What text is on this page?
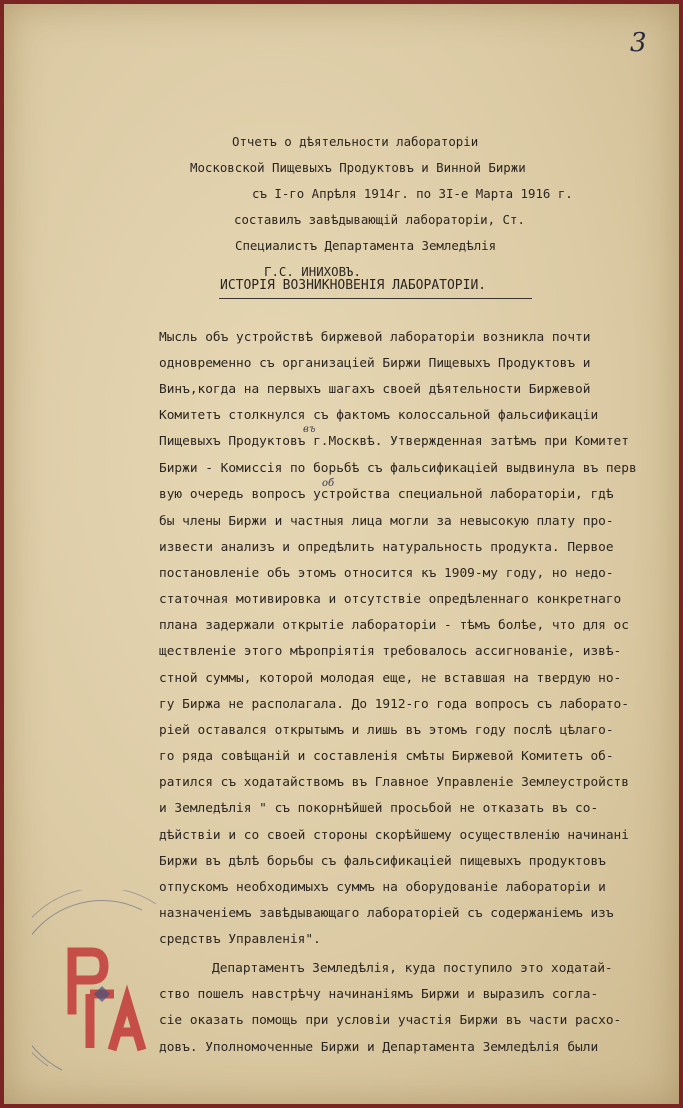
3
Отчетъ о дѣятельности лабораторіи
Московской Пищевыхъ Продуктовъ и Винной Биржи
съ I-го Апрѣля 1914г. по 3I-е Марта 1916 г.
составилъ завѣдывающій лабораторіи, Ст.
Специалистъ Департамента Земледѣлія
Г.С. ИНИХОВЪ.
ИСТОРІЯ ВОЗНИКНОВЕНІЯ ЛАБОРАТОРІИ.
Мысль объ устройствѣ биржевой лабораторіи возникла почти
одновременно съ организаціей Биржи Пищевыхъ Продуктовъ и
Винъ,когда на первыхъ шагахъ своей дѣятельности Биржевой
Комитетъ столкнулся съ фактомъ колоссальной фальсификаціи
Пищевыхъ Продуктовъ г.Москвѣ. Утвержденная затѣмъ при Комитет
Биржи - Комиссія по борьбѣ съ фальсификаціей выдвинула въ перв
вую очередь вопросъ устройства специальной лабораторіи, гдѣ
бы члены Биржи и частныя лица могли за невысокую плату про-
извести анализъ и опредѣлить натуральность продукта. Первое
постановленіе объ этомъ относится къ 1909-му году, но недо-
статочная мотивировка и отсутствіе опредѣленнаго конкретнаго
плана задержали открытіе лабораторіи - тѣмъ болѣе, что для ос
ществленіе этого мѣропріятія требовалось ассигнованіе, извѣ-
стной суммы, которой молодая еще, не вставшая на твердую но-
гу Биржа не располагала. До 1912-го года вопросъ съ лаборато-
ріей оставался открытымъ и лишь въ этомъ году послѣ цѣлаго-
го ряда совѣщаній и составленія смѣты Биржевой Комитетъ об-
ратился съ ходатайствомъ въ Главное Управленіе Землеустройств
и Земледѣлія " съ покорнѣйшей просьбой не отказать въ со-
дѣйствіи и со своей стороны скорѣйшему осуществленію начинані
Биржи въ дѣлѣ борьбы съ фальсификаціей пищевыхъ продуктовъ
отпускомъ необходимыхъ суммъ на оборудованіе лабораторіи и
назначеніемъ завѣдывающаго лабораторіей съ содержаніемъ изъ
средствъ Управленія".
Департаментъ Земледѣлія, куда поступило это ходатай-
ство пошелъ навстрѣчу начинаніямъ Биржи и выразилъ согла-
сіе оказать помощь при условіи участія Биржи въ части расхо-
довъ. Уполномоченные Биржи и Департамента Земледѣлія были
въ
об
